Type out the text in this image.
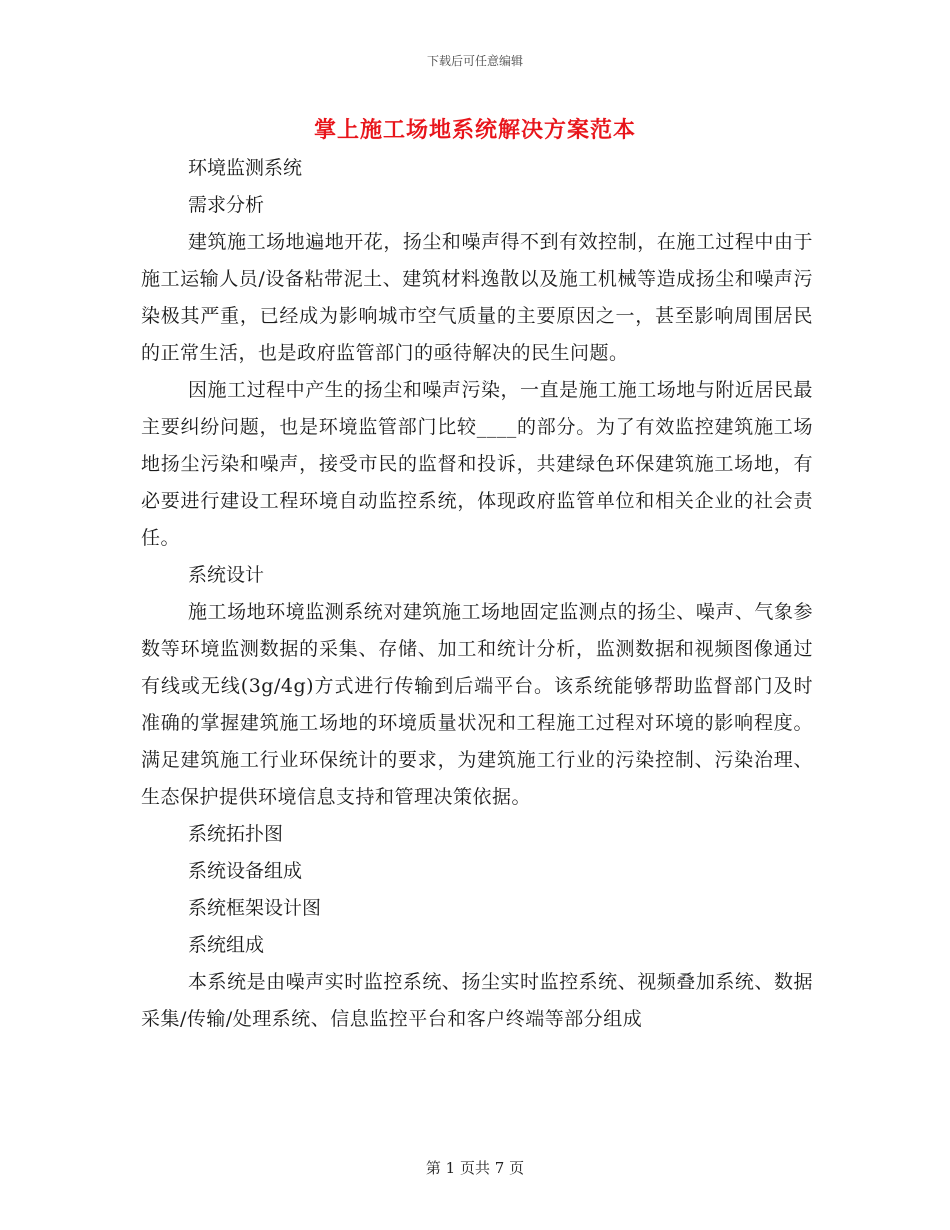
下载后可任意编辑
掌上施工场地系统解决方案范本

环境监测系统

需求分析

建筑施工场地遍地开花，扬尘和噪声得不到有效控制，在施工过程中由于施工运输人员/设备粘带泥土、建筑材料逸散以及施工机械等造成扬尘和噪声污染极其严重，已经成为影响城市空气质量的主要原因之一，甚至影响周围居民的正常生活，也是政府监管部门的亟待解决的民生问题。

因施工过程中产生的扬尘和噪声污染，一直是施工施工场地与附近居民最主要纠纷问题，也是环境监管部门比较____的部分。为了有效监控建筑施工场地扬尘污染和噪声，接受市民的监督和投诉，共建绿色环保建筑施工场地，有必要进行建设工程环境自动监控系统，体现政府监管单位和相关企业的社会责任。

系统设计

施工场地环境监测系统对建筑施工场地固定监测点的扬尘、噪声、气象参数等环境监测数据的采集、存储、加工和统计分析，监测数据和视频图像通过有线或无线(3g/4g)方式进行传输到后端平台。该系统能够帮助监督部门及时准确的掌握建筑施工场地的环境质量状况和工程施工过程对环境的影响程度。满足建筑施工行业环保统计的要求，为建筑施工行业的污染控制、污染治理、生态保护提供环境信息支持和管理决策依据。

系统拓扑图

系统设备组成

系统框架设计图

系统组成

本系统是由噪声实时监控系统、扬尘实时监控系统、视频叠加系统、数据采集/传输/处理系统、信息监控平台和客户终端等部分组成

第 1 页共 7 页
